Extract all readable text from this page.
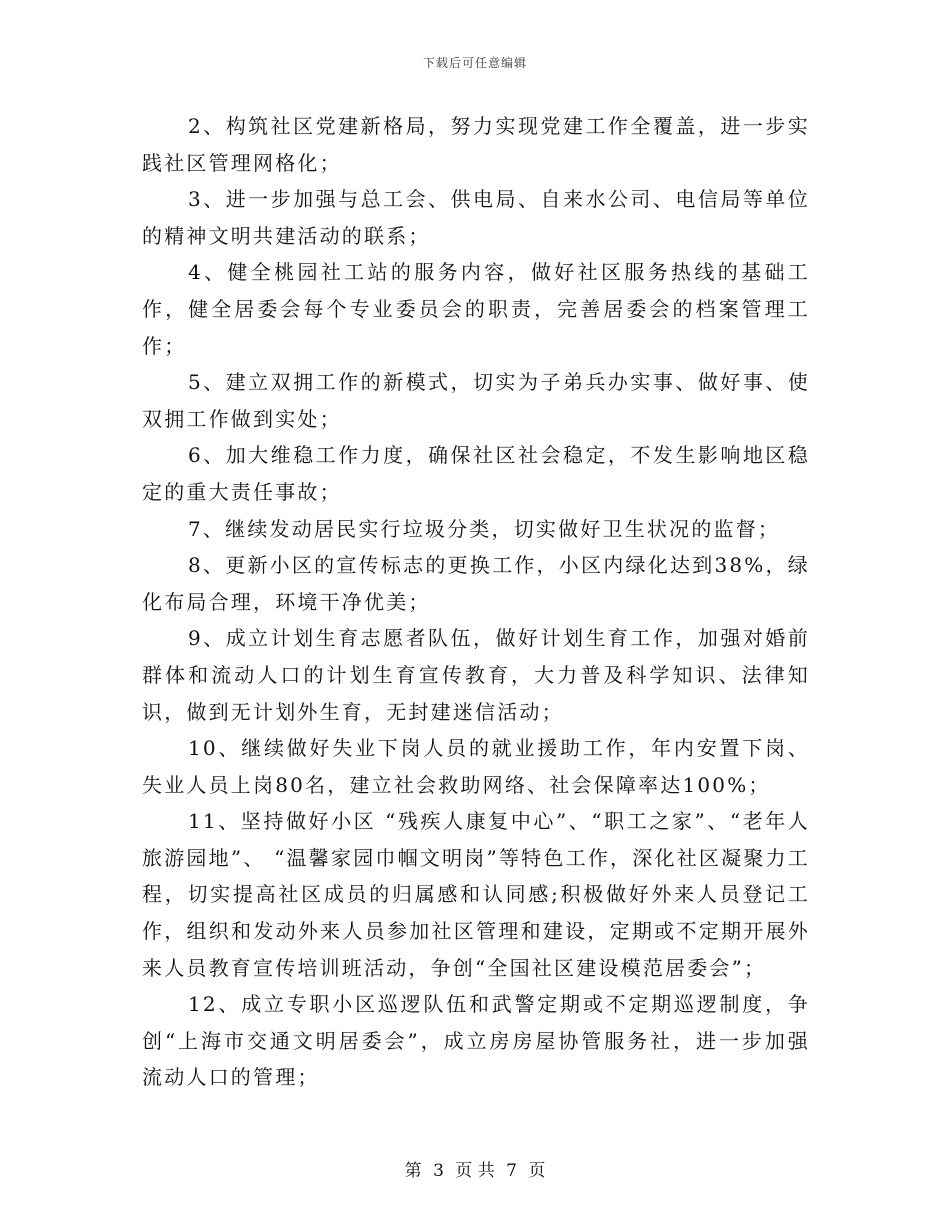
下载后可任意编辑

2、构筑社区党建新格局，努力实现党建工作全覆盖，进一步实践社区管理网格化；

3、进一步加强与总工会、供电局、自来水公司、电信局等单位的精神文明共建活动的联系；

4、健全桃园社工站的服务内容，做好社区服务热线的基础工作，健全居委会每个专业委员会的职责，完善居委会的档案管理工作；

5、建立双拥工作的新模式，切实为子弟兵办实事、做好事、使双拥工作做到实处；

6、加大维稳工作力度，确保社区社会稳定，不发生影响地区稳定的重大责任事故；

7、继续发动居民实行垃圾分类，切实做好卫生状况的监督；

8、更新小区的宣传标志的更换工作，小区内绿化达到38%，绿化布局合理，环境干净优美；

9、成立计划生育志愿者队伍，做好计划生育工作，加强对婚前群体和流动人口的计划生育宣传教育，大力普及科学知识、法律知识，做到无计划外生育，无封建迷信活动；

10、继续做好失业下岗人员的就业援助工作，年内安置下岗、失业人员上岗80名，建立社会救助网络、社会保障率达100%；

11、坚持做好小区 “残疾人康复中心”、“职工之家”、“老年人旅游园地”、 “温馨家园巾帼文明岗”等特色工作，深化社区凝聚力工程，切实提高社区成员的归属感和认同感;积极做好外来人员登记工作，组织和发动外来人员参加社区管理和建设，定期或不定期开展外来人员教育宣传培训班活动，争创“全国社区建设模范居委会”；

12、成立专职小区巡逻队伍和武警定期或不定期巡逻制度，争创“上海市交通文明居委会”，成立房房屋协管服务社，进一步加强流动人口的管理；

第 3 页 共 7 页
